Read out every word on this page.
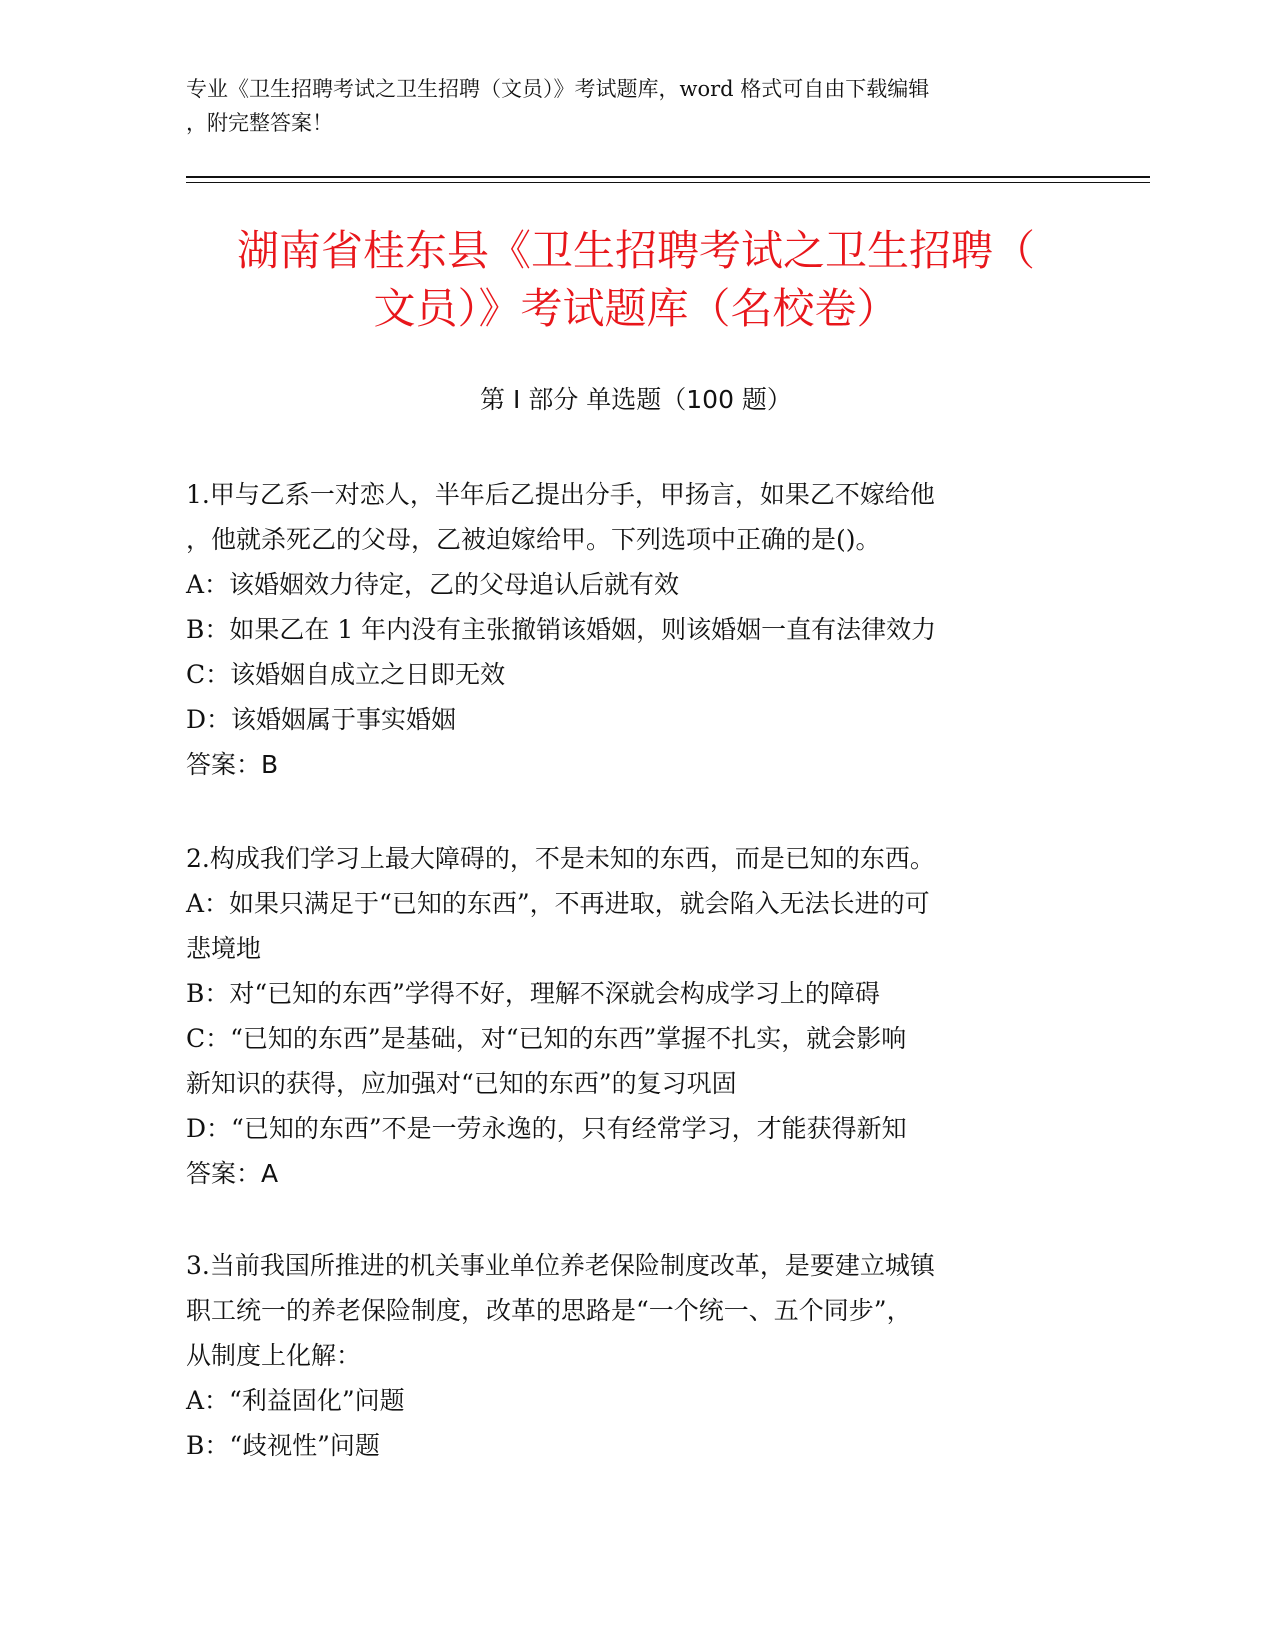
专业《卫生招聘考试之卫生招聘（文员）》考试题库，word 格式可自由下载编辑
，附完整答案！
湖南省桂东县《卫生招聘考试之卫生招聘（
文员）》考试题库（名校卷）
第 I 部分 单选题（100 题）
1.甲与乙系一对恋人，半年后乙提出分手，甲扬言，如果乙不嫁给他
，他就杀死乙的父母，乙被迫嫁给甲。下列选项中正确的是()。
A：该婚姻效力待定，乙的父母追认后就有效
B：如果乙在 1 年内没有主张撤销该婚姻，则该婚姻一直有法律效力
C：该婚姻自成立之日即无效
D：该婚姻属于事实婚姻
答案：B
2.构成我们学习上最大障碍的，不是未知的东西，而是已知的东西。
A：如果只满足于“已知的东西”，不再进取，就会陷入无法长进的可
悲境地
B：对“已知的东西”学得不好，理解不深就会构成学习上的障碍
C：“已知的东西”是基础，对“已知的东西”掌握不扎实，就会影响
新知识的获得，应加强对“已知的东西”的复习巩固
D：“已知的东西”不是一劳永逸的，只有经常学习，才能获得新知
答案：A
3.当前我国所推进的机关事业单位养老保险制度改革，是要建立城镇
职工统一的养老保险制度，改革的思路是“一个统一、五个同步”，
从制度上化解：
A：“利益固化”问题
B：“歧视性”问题
